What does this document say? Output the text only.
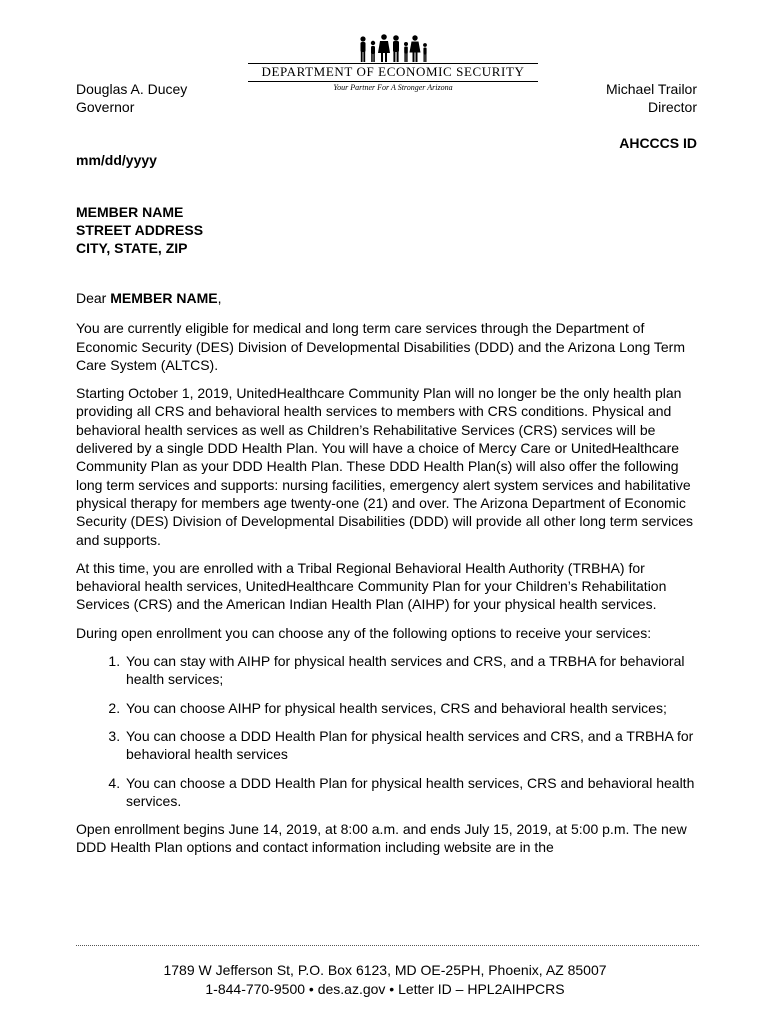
Douglas A. Ducey
Governor
DEPARTMENT OF ECONOMIC SECURITY
Your Partner For A Stronger Arizona	Michael Trailor
Director
AHCCCS ID
mm/dd/yyyy
MEMBER NAME
STREET ADDRESS
CITY, STATE, ZIP

Dear MEMBER NAME,

You are currently eligible for medical and long term care services through the Department of Economic Security (DES) Division of Developmental Disabilities (DDD) and the Arizona Long Term Care System (ALTCS).

Starting October 1, 2019, UnitedHealthcare Community Plan will no longer be the only health plan providing all CRS and behavioral health services to members with CRS conditions. Physical and behavioral health services as well as Children’s Rehabilitative Services (CRS) services will be delivered by a single DDD Health Plan. You will have a choice of Mercy Care or UnitedHealthcare Community Plan as your DDD Health Plan. These DDD Health Plan(s) will also offer the following long term services and supports: nursing facilities, emergency alert system services and habilitative physical therapy for members age twenty-one (21) and over. The Arizona Department of Economic Security (DES) Division of Developmental Disabilities (DDD) will provide all other long term services and supports.

At this time, you are enrolled with a Tribal Regional Behavioral Health Authority (TRBHA) for behavioral health services, UnitedHealthcare Community Plan for your Children’s Rehabilitation Services (CRS) and the American Indian Health Plan (AIHP) for your physical health services.

During open enrollment you can choose any of the following options to receive your services:

1. You can stay with AIHP for physical health services and CRS, and a TRBHA for behavioral health services;
2. You can choose AIHP for physical health services, CRS and behavioral health services;
3. You can choose a DDD Health Plan for physical health services and CRS, and a TRBHA for behavioral health services
4. You can choose a DDD Health Plan for physical health services, CRS and behavioral health services.

Open enrollment begins June 14, 2019, at 8:00 a.m. and ends July 15, 2019, at 5:00 p.m. The new DDD Health Plan options and contact information including website are in the

1789 W Jefferson St, P.O. Box 6123, MD OE-25PH, Phoenix, AZ 85007
1-844-770-9500 • des.az.gov • Letter ID – HPL2AIHPCRS
